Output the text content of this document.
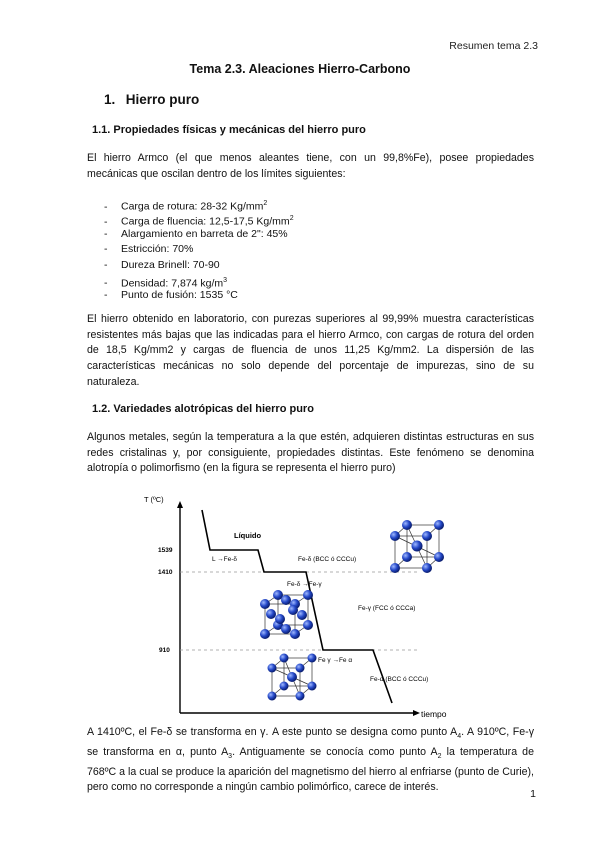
Resumen tema 2.3
Tema 2.3. Aleaciones Hierro-Carbono
1. Hierro puro
1.1. Propiedades físicas y mecánicas del hierro puro

El hierro Armco (el que menos aleantes tiene, con un 99,8%Fe), posee propiedades mecánicas que oscilan dentro de los límites siguientes:

- Carga de rotura: 28-32 $Kg/mm^2$
- Carga de fluencia: 12,5-17,5 $Kg/mm^2$
- Alargamiento en barreta de 2": 45%
- Estricción: 70%
- Dureza Brinell: 70-90
- Densidad: 7,874 $kg/m^3$
- Punto de fusión: 1535 °C

El hierro obtenido en laboratorio, con purezas superiores al 99,99% muestra características resistentes más bajas que las indicadas para el hierro Armco, con cargas de rotura del orden de 18,5 Kg/mm2 y cargas de fluencia de unos 11,25 Kg/mm2. La dispersión de las características mecánicas no solo depende del porcentaje de impurezas, sino de su naturaleza.

1.2. Variedades alotrópicas del hierro puro

Algunos metales, según la temperatura a la que estén, adquieren distintas estructuras en sus redes cristalinas y, por consiguiente, propiedades distintas. Este fenómeno se denomina alotropía o polimorfismo (en la figura se representa el hierro puro)

T (ºC)
tiempo
1539
1410
910
Líquido
L →Fe-δ	Fe-δ (BCC ó CCCu)
Fe-δ →Fe-γ
Fe-γ (FCC ó CCCa)
Fe γ →Fe α
Fe-α (BCC ó CCCu)

A 1410ºC, el Fe-δ se transforma en γ. A este punto se designa como punto $A_4$. A 910ºC, Fe-γ se transforma en α, punto $A_3$. Antiguamente se conocía como punto $A_2$ la temperatura de 768ºC a la cual se produce la aparición del magnetismo del hierro al enfriarse (punto de Curie), pero como no corresponde a ningún cambio polimórfico, carece de interés.

1
